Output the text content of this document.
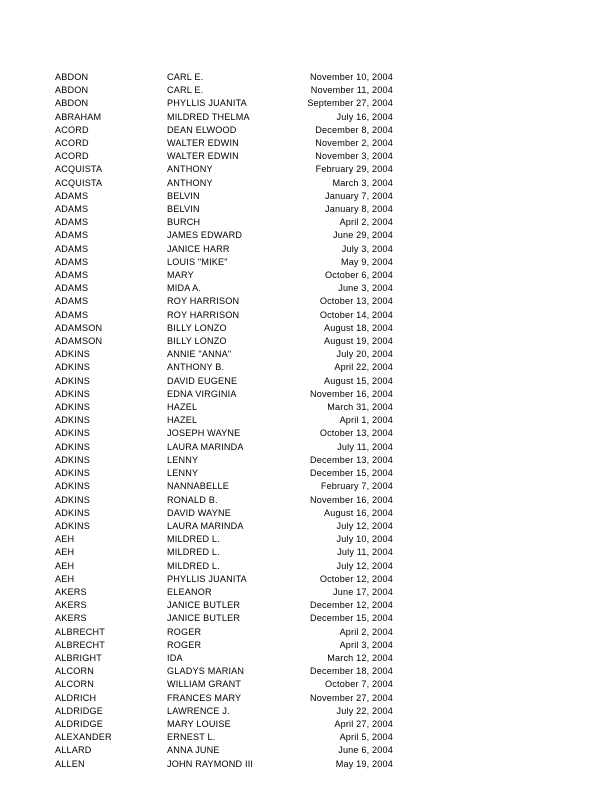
ABDON	CARL E.	November 10, 2004
ABDON	CARL E.	November 11, 2004
ABDON	PHYLLIS JUANITA	September 27, 2004
ABRAHAM	MILDRED THELMA	July 16, 2004
ACORD	DEAN ELWOOD	December 8, 2004
ACORD	WALTER EDWIN	November 2, 2004
ACORD	WALTER EDWIN	November 3, 2004
ACQUISTA	ANTHONY	February 29, 2004
ACQUISTA	ANTHONY	March 3, 2004
ADAMS	BELVIN	January 7, 2004
ADAMS	BELVIN	January 8, 2004
ADAMS	BURCH	April 2, 2004
ADAMS	JAMES EDWARD	June 29, 2004
ADAMS	JANICE HARR	July 3, 2004
ADAMS	LOUIS "MIKE"	May 9, 2004
ADAMS	MARY	October 6, 2004
ADAMS	MIDA A.	June 3, 2004
ADAMS	ROY HARRISON	October 13, 2004
ADAMS	ROY HARRISON	October 14, 2004
ADAMSON	BILLY LONZO	August 18, 2004
ADAMSON	BILLY LONZO	August 19, 2004
ADKINS	ANNIE "ANNA"	July 20, 2004
ADKINS	ANTHONY B.	April 22, 2004
ADKINS	DAVID EUGENE	August 15, 2004
ADKINS	EDNA VIRGINIA	November 16, 2004
ADKINS	HAZEL	March 31, 2004
ADKINS	HAZEL	April 1, 2004
ADKINS	JOSEPH WAYNE	October 13, 2004
ADKINS	LAURA MARINDA	July 11, 2004
ADKINS	LENNY	December 13, 2004
ADKINS	LENNY	December 15, 2004
ADKINS	NANNABELLE	February 7, 2004
ADKINS	RONALD B.	November 16, 2004
ADKINS	DAVID WAYNE	August 16, 2004
ADKINS	LAURA MARINDA	July 12, 2004
AEH	MILDRED L.	July 10, 2004
AEH	MILDRED L.	July 11, 2004
AEH	MILDRED L.	July 12, 2004
AEH	PHYLLIS JUANITA	October 12, 2004
AKERS	ELEANOR	June 17, 2004
AKERS	JANICE BUTLER	December 12, 2004
AKERS	JANICE BUTLER	December 15, 2004
ALBRECHT	ROGER	April 2, 2004
ALBRECHT	ROGER	April 3, 2004
ALBRIGHT	IDA	March 12, 2004
ALCORN	GLADYS MARIAN	December 18, 2004
ALCORN	WILLIAM GRANT	October 7, 2004
ALDRICH	FRANCES MARY	November 27, 2004
ALDRIDGE	LAWRENCE J.	July 22, 2004
ALDRIDGE	MARY LOUISE	April 27, 2004
ALEXANDER	ERNEST L.	April 5, 2004
ALLARD	ANNA JUNE	June 6, 2004
ALLEN	JOHN RAYMOND III	May 19, 2004
